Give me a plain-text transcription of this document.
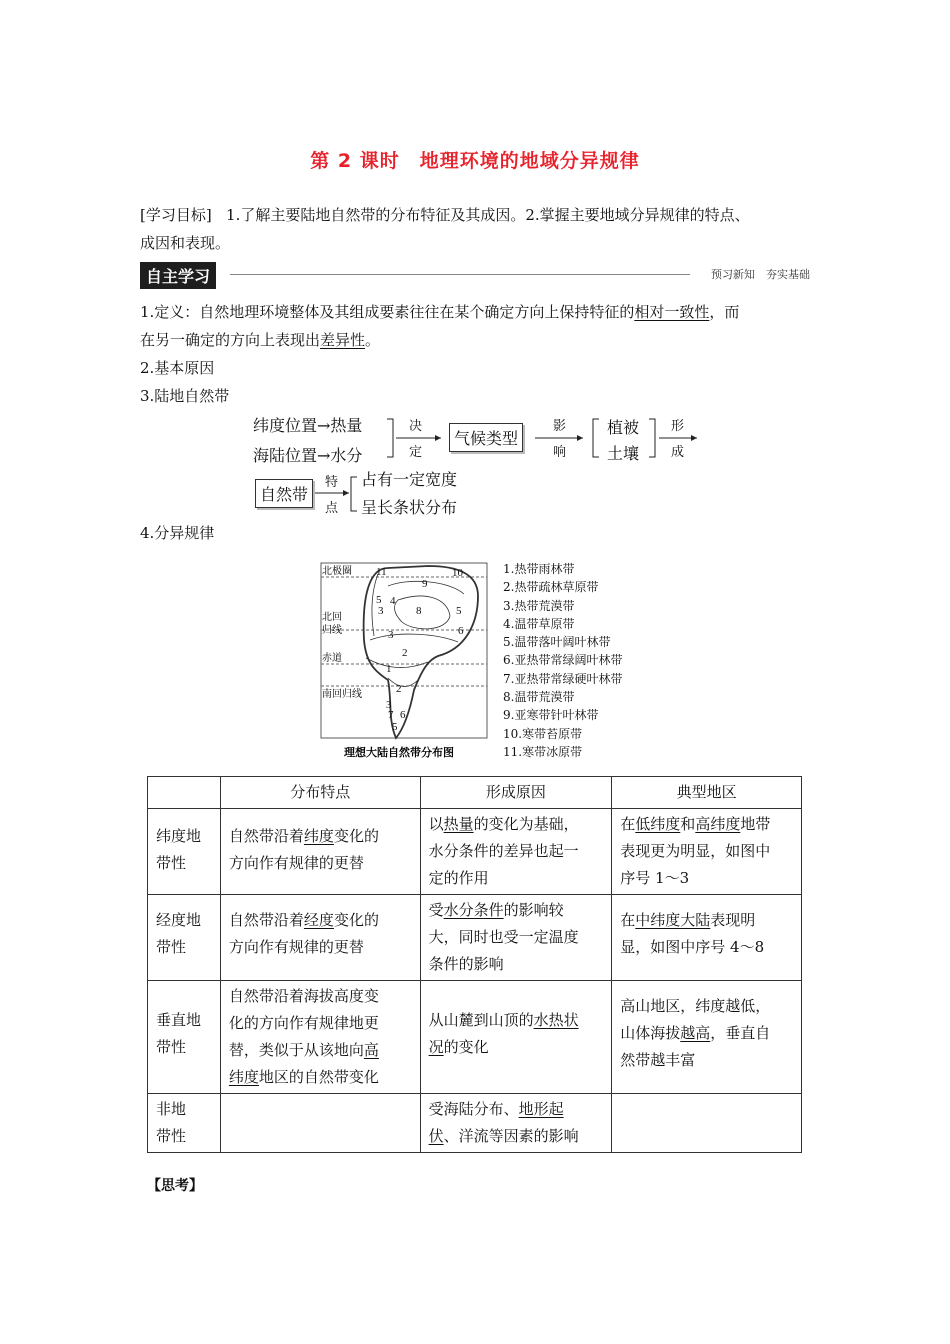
第 2 课时　地理环境的地域分异规律
[学习目标] 1.了解主要陆地自然带的分布特征及其成因。2.掌握主要地域分异规律的特点、
成因和表现。
自主学习	预习新知　夯实基础
1.定义：自然地理环境整体及其组成要素往往在某个确定方向上保持特征的相对一致性，而
在另一确定的方向上表现出差异性。
2.基本原因
3.陆地自然带
纬度位置→热量
海陆位置→水分
决
定
气候类型
影
响
植被
土壤
形
成
自然带
特
点
占有一定宽度
呈长条状分布
4.分异规律
11	10
9
5 4
8	5
3
6
3
2
1
2
3
7 6
5
北极圈
北回
归线
赤道
南回归线
理想大陆自然带分布图
1.热带雨林带
2.热带疏林草原带
3.热带荒漠带
4.温带草原带
5.温带落叶阔叶林带
6.亚热带常绿阔叶林带
7.亚热带常绿硬叶林带
8.温带荒漠带
9.亚寒带针叶林带
10.寒带苔原带
11.寒带冰原带
	分布特点	形成原因	典型地区
纬度地
带性	自然带沿着纬度变化的
方向作有规律的更替	以热量的变化为基础，
水分条件的差异也起一
定的作用	在低纬度和高纬度地带
表现更为明显，如图中
序号 1～3
经度地
带性	自然带沿着经度变化的
方向作有规律的更替	受水分条件的影响较
大，同时也受一定温度
条件的影响	在中纬度大陆表现明
显，如图中序号 4～8
垂直地
带性	自然带沿着海拔高度变
化的方向作有规律地更
替，类似于从该地向高
纬度地区的自然带变化	从山麓到山顶的水热状
况的变化	高山地区，纬度越低，
山体海拔越高，垂直自
然带越丰富
非地
带性		受海陆分布、地形起
伏、洋流等因素的影响	
【思考】
